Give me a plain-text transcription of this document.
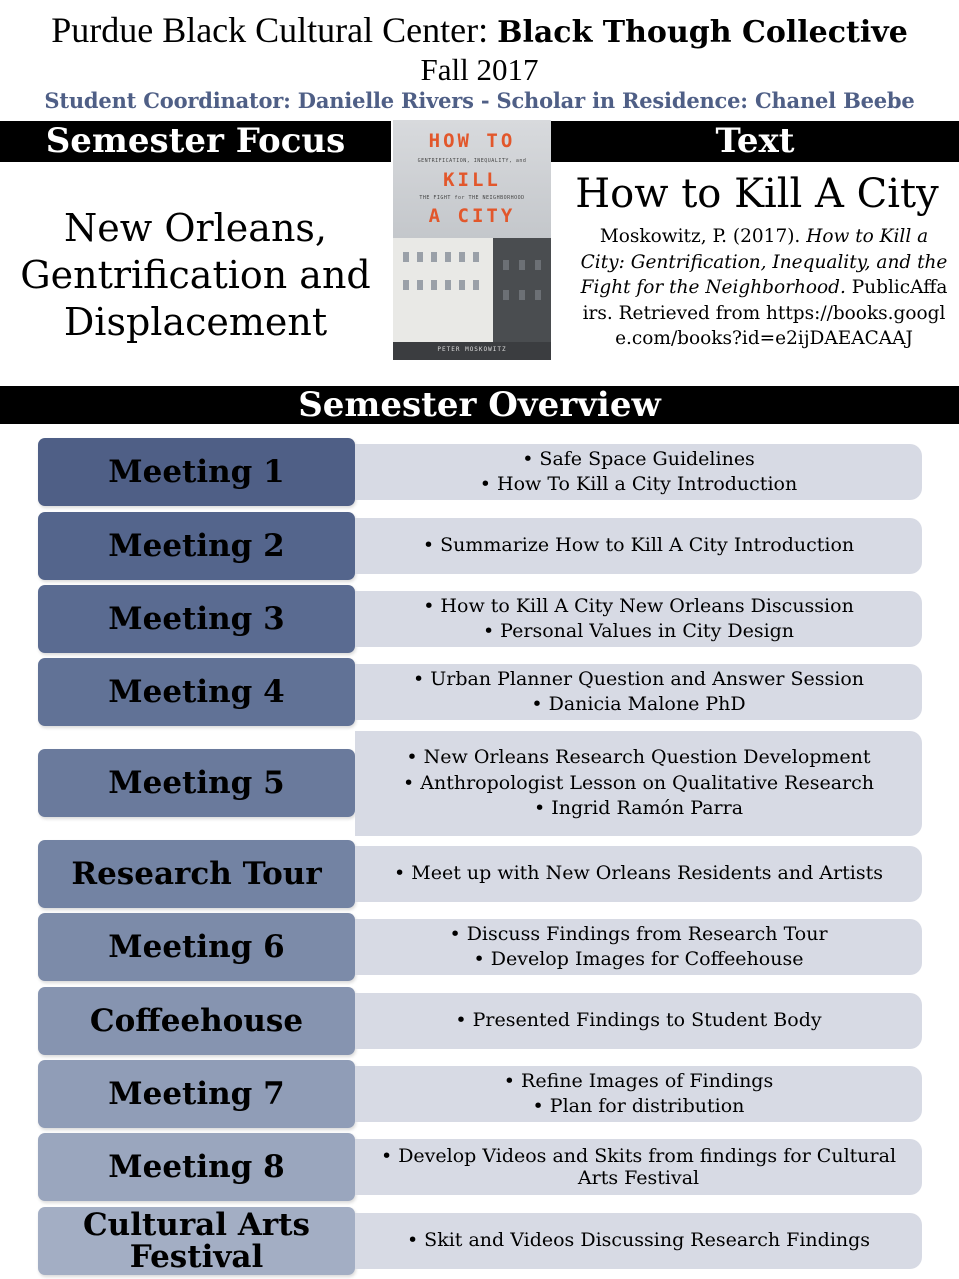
Purdue Black Cultural Center: Black Though Collective
Fall 2017
Student Coordinator: Danielle Rivers - Scholar in Residence: Chanel Beebe
Semester Focus
New Orleans,
Gentrification and
Displacement
HOW TO
GENTRIFICATION, INEQUALITY, and
KILL
THE FIGHT for THE NEIGHBORHOOD
A CITY
PETER MOSKOWITZ
Text
How to Kill A City
Moskowitz, P. (2017). How to Kill a City: Gentrification, Inequality, and the Fight for the Neighborhood. PublicAffairs. Retrieved from https://books.google.com/books?id=e2ijDAEACAAJ
Semester Overview
Meeting 1	• Safe Space Guidelines
• How To Kill a City Introduction
Meeting 2	• Summarize How to Kill A City Introduction
Meeting 3	• How to Kill A City New Orleans Discussion
• Personal Values in City Design
Meeting 4	• Urban Planner Question and Answer Session
• Danicia Malone PhD
Meeting 5
• New Orleans Research Question Development
• Anthropologist Lesson on Qualitative Research
• Ingrid Ramón Parra
Research Tour	• Meet up with New Orleans Residents and Artists
Meeting 6	• Discuss Findings from Research Tour
• Develop Images for Coffeehouse
Coffeehouse	• Presented Findings to Student Body
Meeting 7	• Refine Images of Findings
• Plan for distribution
Meeting 8	• Develop Videos and Skits from findings for Cultural Arts Festival
Cultural Arts Festival	• Skit and Videos Discussing Research Findings
